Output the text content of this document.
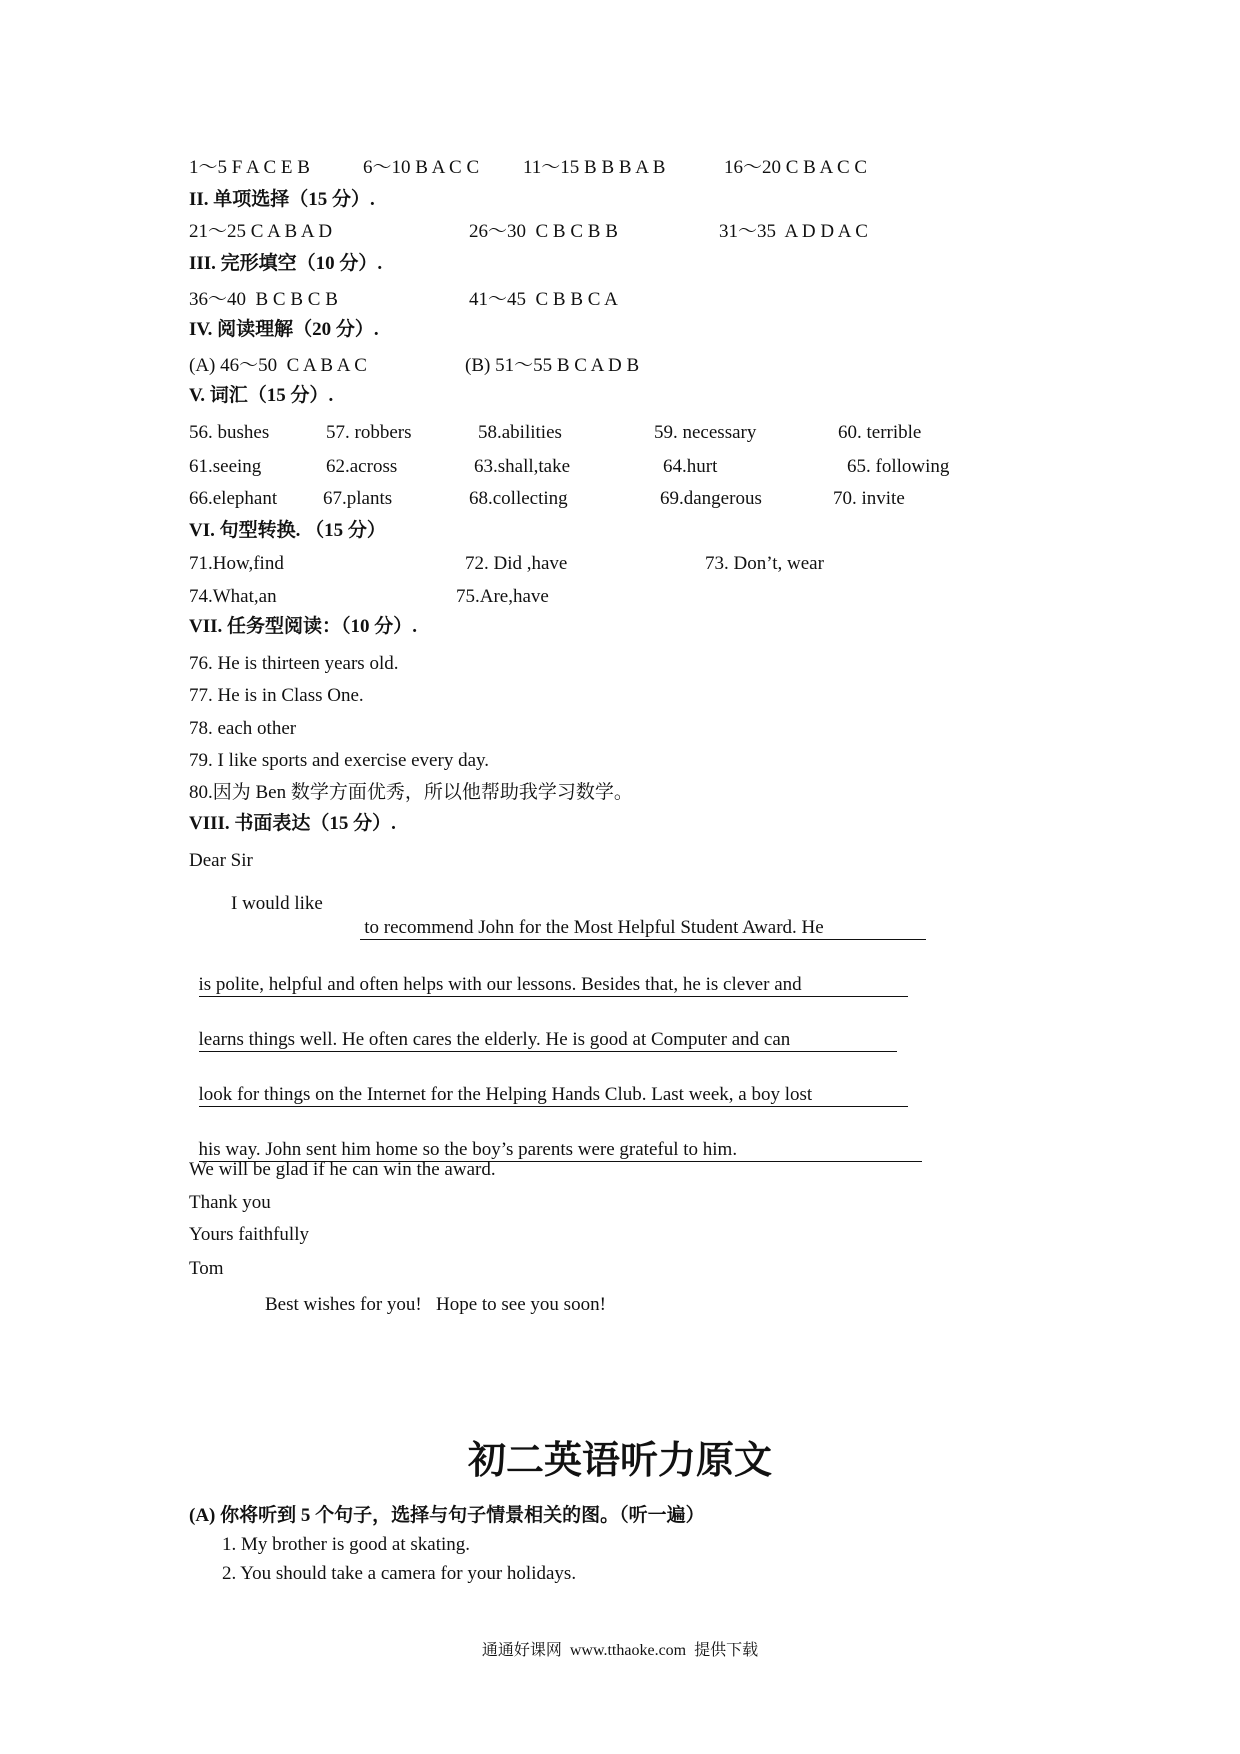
1～5 F A C E B	6～10 B A C C 11～15 B B B A B	16～20 C B A C C
II. 单项选择（15 分）.
21～25 C A B A D	26～30  C B C B B	31～35  A D D A C
III. 完形填空（10 分）.
36～40  B C B C B	41～45  C B B C A
IV. 阅读理解（20 分）.
(A) 46～50  C A B A C	(B) 51～55 B C A D B
V. 词汇（15 分）.
56. bushes	57. robbers	58.abilities	59. necessary	60. terrible
61.seeing	62.across	63.shall,take	64.hurt	65. following
66.elephant 67.plants	68.collecting	69.dangerous	70. invite
VI. 句型转换. （15 分）
71.How,find	72. Did ,have	73. Don’t, wear
74.What,an	75.Are,have
VII. 任务型阅读：（10 分）.
76. He is thirteen years old.
77. He is in Class One.
78. each other
79. I like sports and exercise every day.
80.因为 Ben 数学方面优秀，所以他帮助我学习数学。
VIII. 书面表达（15 分）.
Dear Sir
I would like

to recommend John for the Most Helpful Student Award. He

is polite, helpful and often helps with our lessons. Besides that, he is clever and

learns things well. He often cares the elderly. He is good at Computer and can

look for things on the Internet for the Helping Hands Club. Last week, a boy lost

his way. John sent him home so the boy’s parents were grateful to him.

We will be glad if he can win the award.
Thank you
Yours faithfully
Tom
Best wishes for you!   Hope to see you soon!
初二英语听力原文
(A) 你将听到 5 个句子，选择与句子情景相关的图。（听一遍）
1. My brother is good at skating.
2. You should take a camera for your holidays.
通通好课网  www.tthaoke.com  提供下载
